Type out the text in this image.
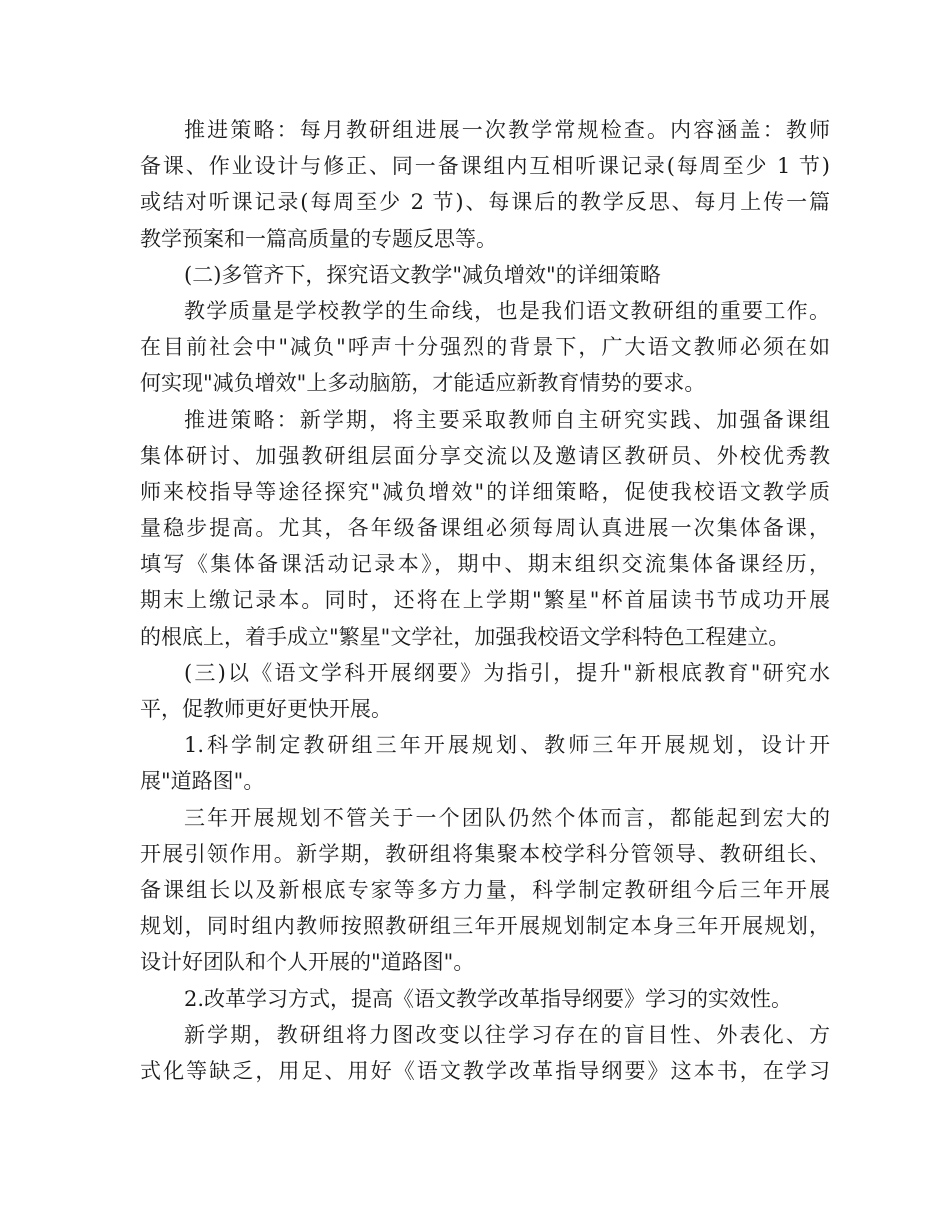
推进策略：每月教研组进展一次教学常规检查。内容涵盖：教师
备课、作业设计与修正、同一备课组内互相听课记录(每周至少 1 节)
或结对听课记录(每周至少 2 节)、每课后的教学反思、每月上传一篇
教学预案和一篇高质量的专题反思等。
(二)多管齐下，探究语文教学"减负增效"的详细策略
教学质量是学校教学的生命线，也是我们语文教研组的重要工作。
在目前社会中"减负"呼声十分强烈的背景下，广大语文教师必须在如
何实现"减负增效"上多动脑筋，才能适应新教育情势的要求。
推进策略：新学期，将主要采取教师自主研究实践、加强备课组
集体研讨、加强教研组层面分享交流以及邀请区教研员、外校优秀教
师来校指导等途径探究"减负增效"的详细策略，促使我校语文教学质
量稳步提高。尤其，各年级备课组必须每周认真进展一次集体备课，
填写《集体备课活动记录本》，期中、期末组织交流集体备课经历，
期末上缴记录本。同时，还将在上学期"繁星"杯首届读书节成功开展
的根底上，着手成立"繁星"文学社，加强我校语文学科特色工程建立。
(三)以《语文学科开展纲要》为指引，提升"新根底教育"研究水
平，促教师更好更快开展。
1.科学制定教研组三年开展规划、教师三年开展规划，设计开
展"道路图"。
三年开展规划不管关于一个团队仍然个体而言，都能起到宏大的
开展引领作用。新学期，教研组将集聚本校学科分管领导、教研组长、
备课组长以及新根底专家等多方力量，科学制定教研组今后三年开展
规划，同时组内教师按照教研组三年开展规划制定本身三年开展规划，
设计好团队和个人开展的"道路图"。
2.改革学习方式，提高《语文教学改革指导纲要》学习的实效性。
新学期，教研组将力图改变以往学习存在的盲目性、外表化、方
式化等缺乏，用足、用好《语文教学改革指导纲要》这本书，在学习
